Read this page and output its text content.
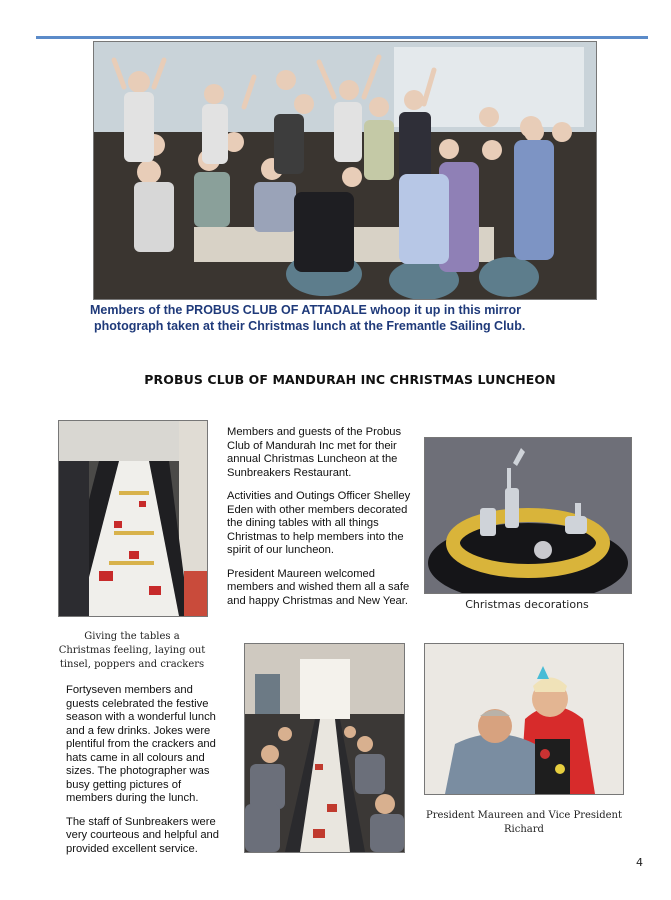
Members of the PROBUS CLUB OF ATTADALE whoop it up in this mirror
photograph taken at their Christmas lunch at the Fremantle Sailing Club.
PROBUS CLUB OF MANDURAH INC CHRISTMAS LUNCHEON

Members and guests of the Probus
Club of Mandurah Inc met for their
annual Christmas Luncheon at the
Sunbreakers Restaurant.

Activities and Outings Officer Shelley
Eden with other members decorated
the dining tables with all things
Christmas to help members into the
spirit of our luncheon.

President Maureen welcomed
members and wished them all a safe
and happy Christmas and New Year.	Christmas decorations
Giving the tables a
Christmas feeling, laying out
tinsel, poppers and crackers

Fortyseven members and
guests celebrated the festive
season with a wonderful lunch
and a few drinks. Jokes were
plentiful from the crackers and
hats came in all colours and
sizes. The photographer was
busy getting pictures of
members during the lunch.

The staff of Sunbreakers were
very courteous and helpful and
provided excellent service.

President Maureen and Vice President
Richard
4
